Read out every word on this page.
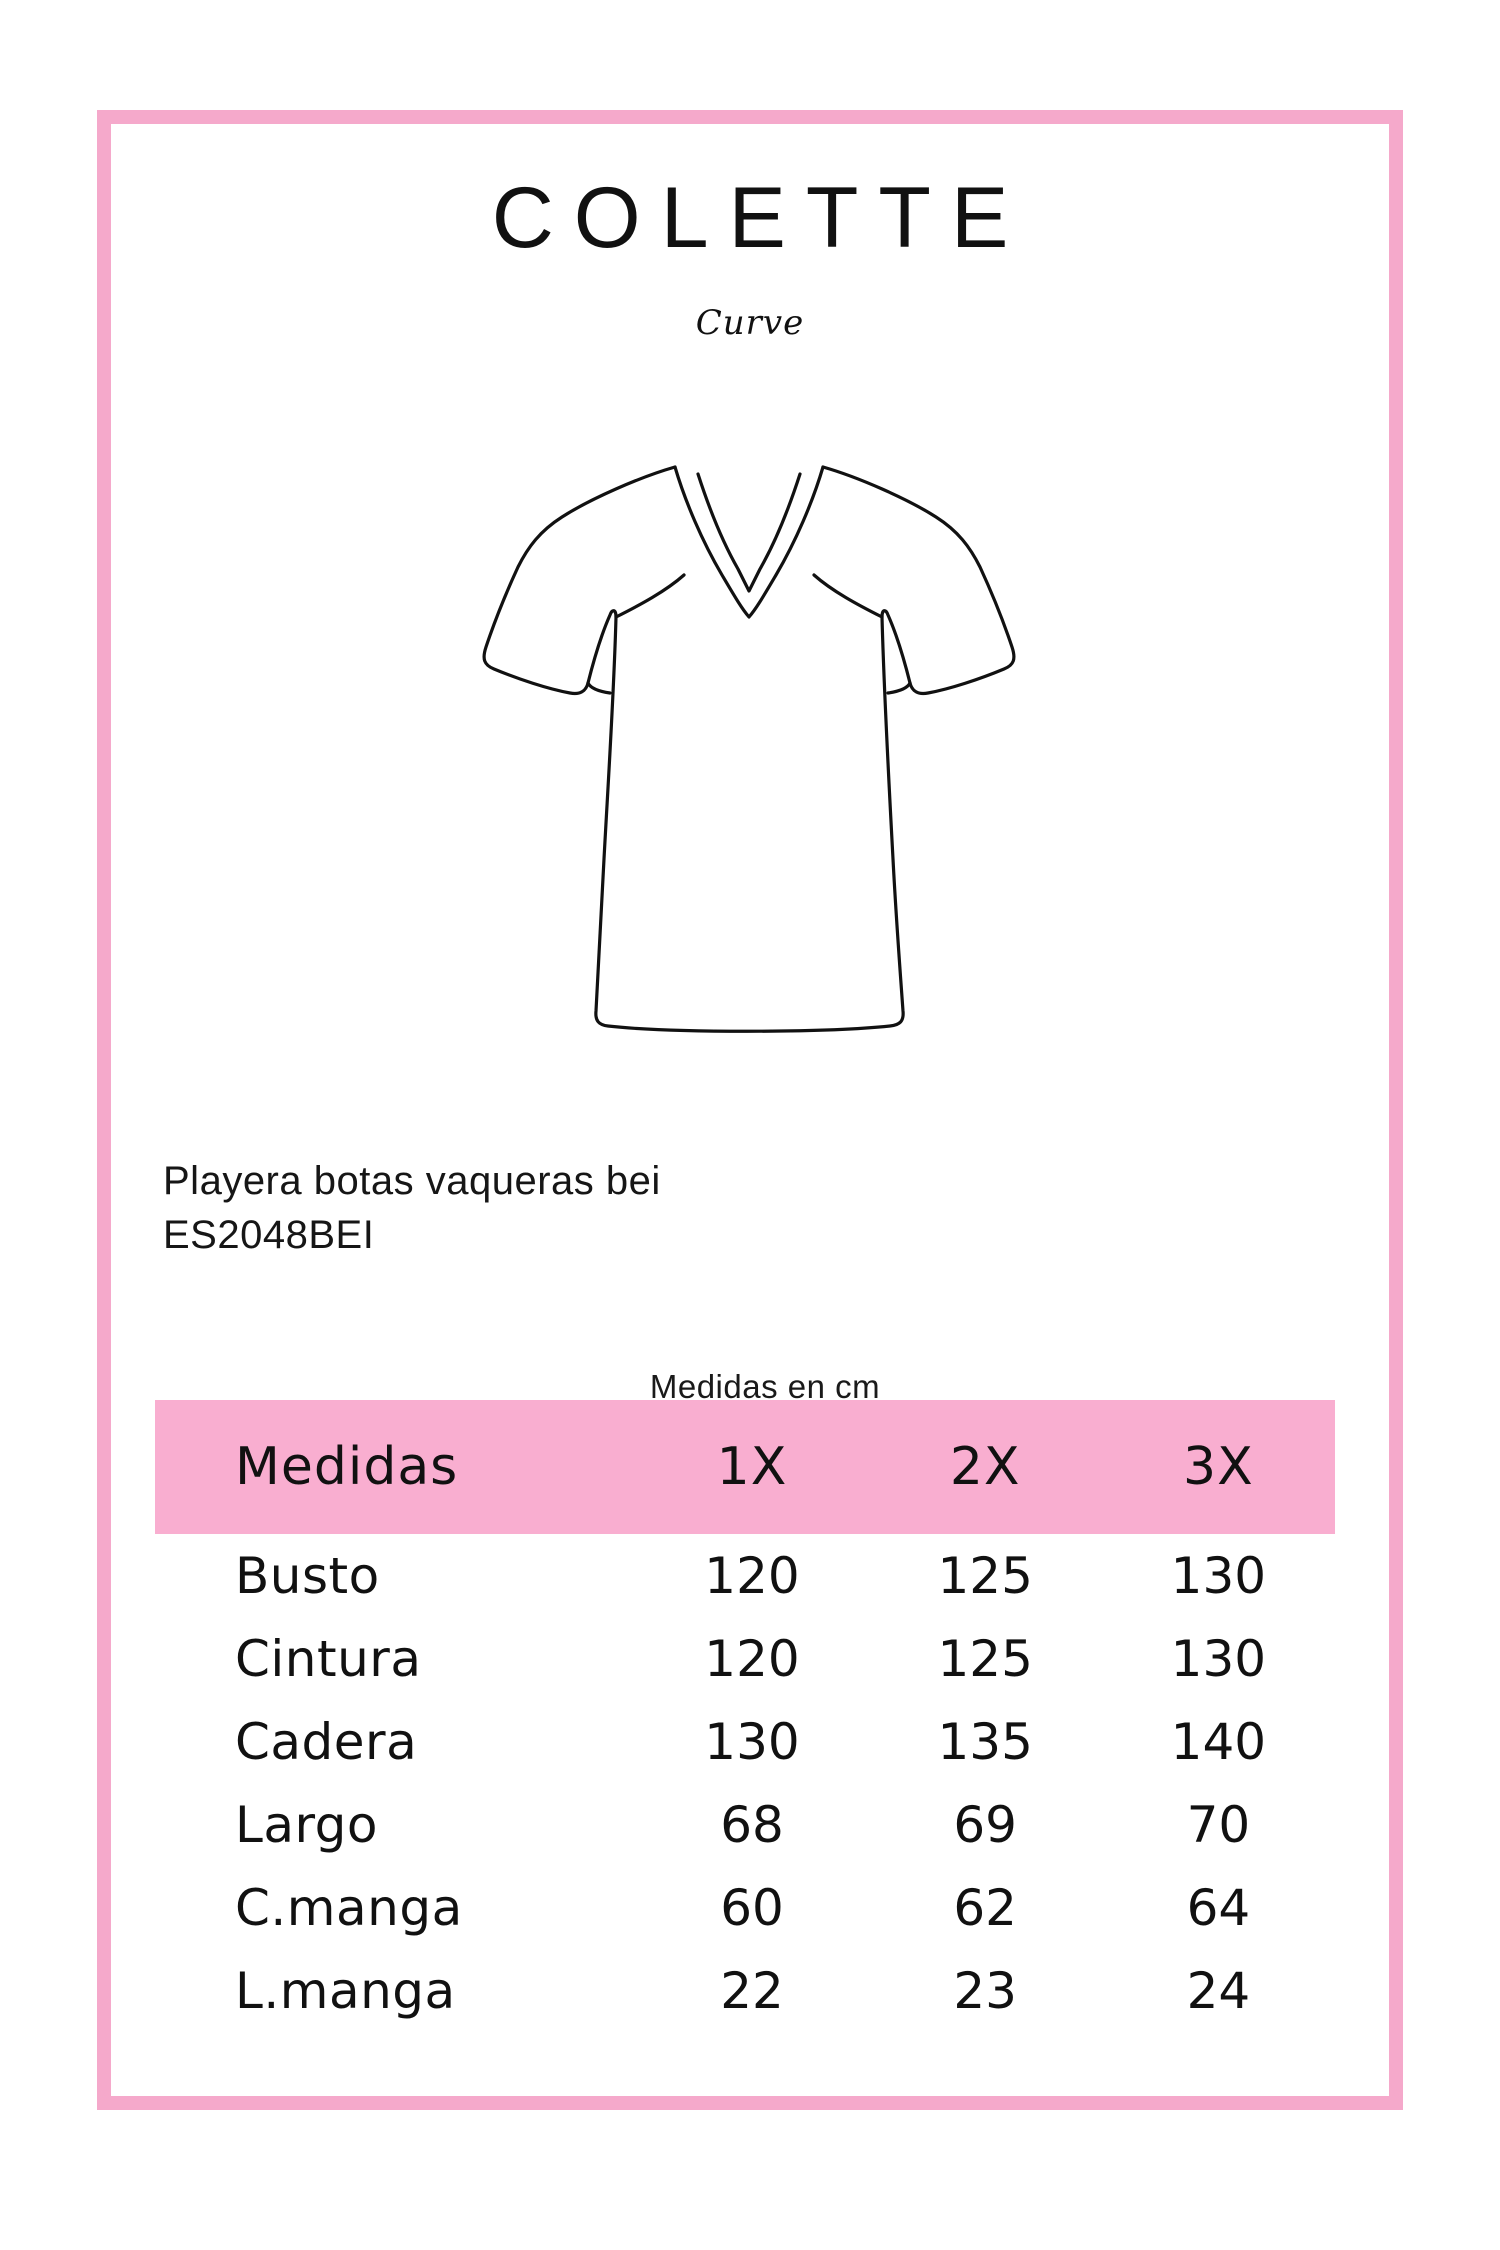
COLETTE
Curve
Playera botas vaqueras bei
ES2048BEI
Medidas en cm
Medidas	1X	2X	3X
Busto	120	125	130
Cintura	120	125	130
Cadera	130	135	140
Largo	68	69	70
C.manga	60	62	64
L.manga	22	23	24
